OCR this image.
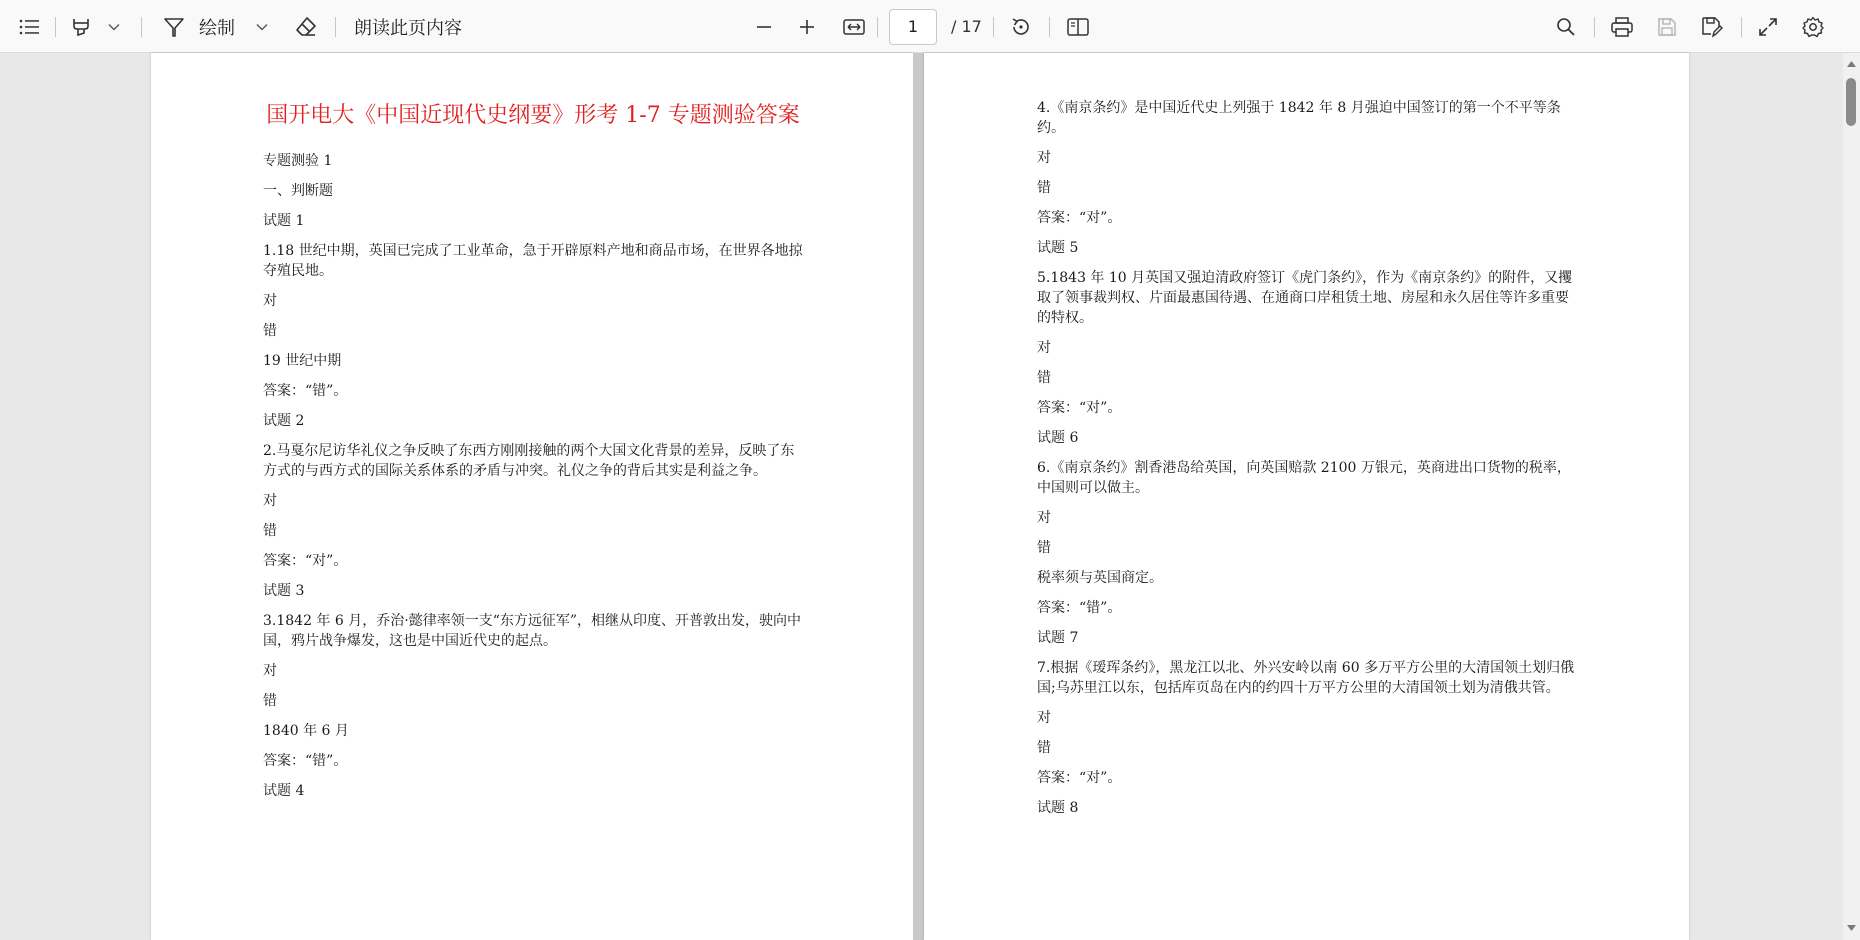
绘制	朗读此页内容	1	/ 17
国开电大《中国近现代史纲要》形考 1-7 专题测验答案

专题测验 1

一、判断题

试题 1

1.18 世纪中期，英国已完成了工业革命，急于开辟原料产地和商品市场，在世界各地掠夺殖民地。

对

错

19 世纪中期

答案：“错”。

试题 2

2.马戛尔尼访华礼仪之争反映了东西方刚刚接触的两个大国文化背景的差异，反映了东方式的与西方式的国际关系体系的矛盾与冲突。礼仪之争的背后其实是利益之争。

对

错

答案：“对”。

试题 3

3.1842 年 6 月，乔治·懿律率领一支“东方远征军”，相继从印度、开普敦出发，驶向中国，鸦片战争爆发，这也是中国近代史的起点。

对

错

1840 年 6 月

答案：“错”。

试题 4

4.《南京条约》是中国近代史上列强于 1842 年 8 月强迫中国签订的第一个不平等条约。

对

错

答案：“对”。

试题 5

5.1843 年 10 月英国又强迫清政府签订《虎门条约》，作为《南京条约》的附件，又攫取了领事裁判权、片面最惠国待遇、在通商口岸租赁土地、房屋和永久居住等许多重要的特权。

对

错

答案：“对”。

试题 6

6.《南京条约》割香港岛给英国，向英国赔款 2100 万银元，英商进出口货物的税率，中国则可以做主。

对

错

税率须与英国商定。

答案：“错”。

试题 7

7.根据《瑷珲条约》，黑龙江以北、外兴安岭以南 60 多万平方公里的大清国领土划归俄国;乌苏里江以东，包括库页岛在内的约四十万平方公里的大清国领土划为清俄共管。

对

错

答案：“对”。

试题 8
